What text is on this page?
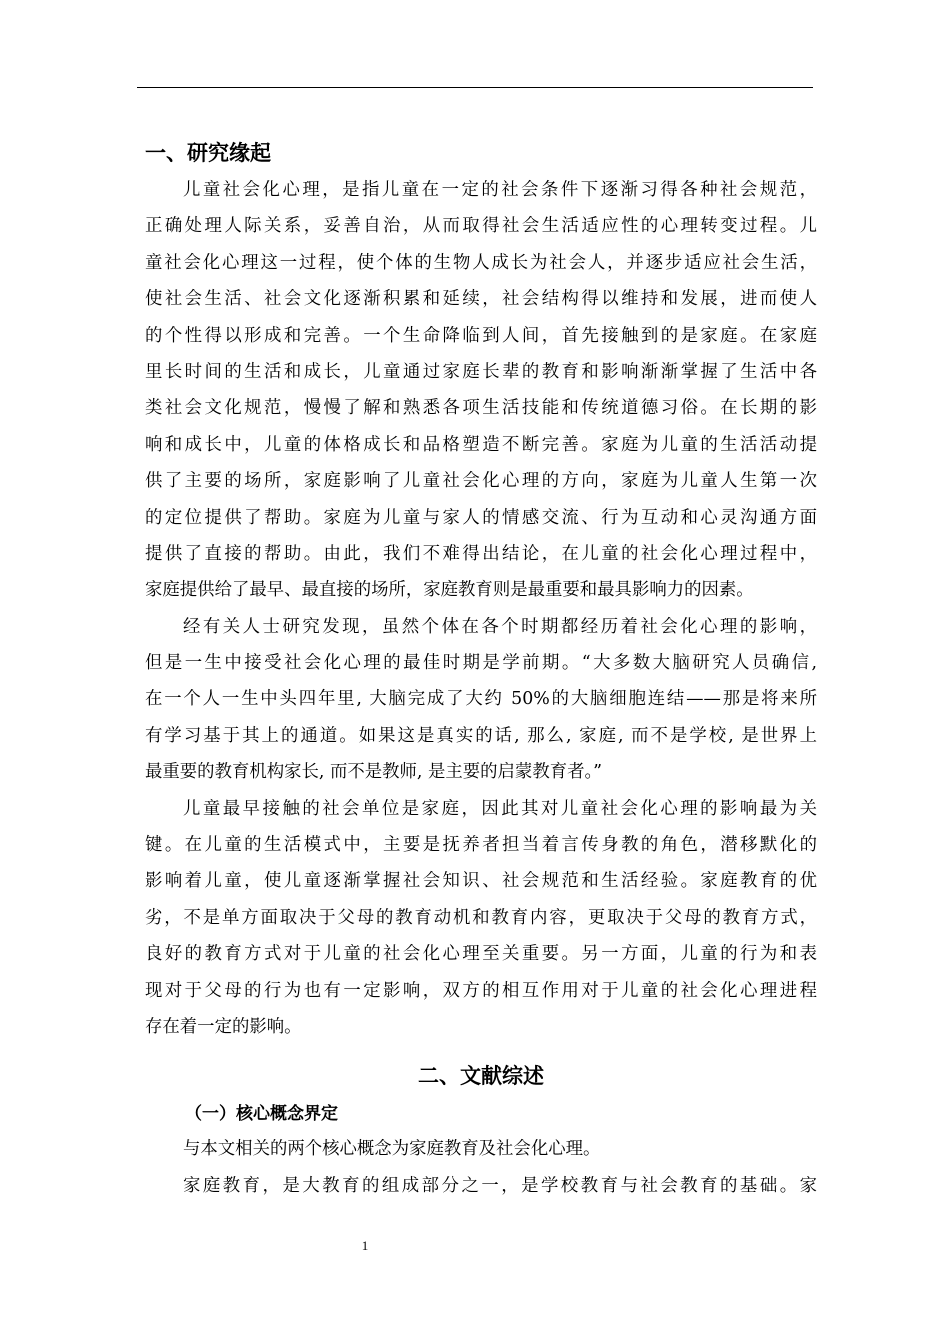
一、研究缘起
儿童社会化心理，是指儿童在一定的社会条件下逐渐习得各种社会规范，
正确处理人际关系，妥善自治，从而取得社会生活适应性的心理转变过程。儿
童社会化心理这一过程，使个体的生物人成长为社会人，并逐步适应社会生活，
使社会生活、社会文化逐渐积累和延续，社会结构得以维持和发展，进而使人
的个性得以形成和完善。一个生命降临到人间，首先接触到的是家庭。在家庭
里长时间的生活和成长，儿童通过家庭长辈的教育和影响渐渐掌握了生活中各
类社会文化规范，慢慢了解和熟悉各项生活技能和传统道德习俗。在长期的影
响和成长中，儿童的体格成长和品格塑造不断完善。家庭为儿童的生活活动提
供了主要的场所，家庭影响了儿童社会化心理的方向，家庭为儿童人生第一次
的定位提供了帮助。家庭为儿童与家人的情感交流、行为互动和心灵沟通方面
提供了直接的帮助。由此，我们不难得出结论，在儿童的社会化心理过程中，
家庭提供给了最早、最直接的场所，家庭教育则是最重要和最具影响力的因素。
经有关人士研究发现，虽然个体在各个时期都经历着社会化心理的影响，
但是一生中接受社会化心理的最佳时期是学前期。“大多数大脑研究人员确信,
在一个人一生中头四年里, 大脑完成了大约 50%的大脑细胞连结——那是将来所
有学习基于其上的通道。如果这是真实的话, 那么, 家庭, 而不是学校, 是世界上
最重要的教育机构家长, 而不是教师, 是主要的启蒙教育者。”
儿童最早接触的社会单位是家庭，因此其对儿童社会化心理的影响最为关
键。在儿童的生活模式中，主要是抚养者担当着言传身教的角色，潜移默化的
影响着儿童，使儿童逐渐掌握社会知识、社会规范和生活经验。家庭教育的优
劣，不是单方面取决于父母的教育动机和教育内容，更取决于父母的教育方式，
良好的教育方式对于儿童的社会化心理至关重要。另一方面，儿童的行为和表
现对于父母的行为也有一定影响，双方的相互作用对于儿童的社会化心理进程
存在着一定的影响。
二、文献综述
（一）核心概念界定
与本文相关的两个核心概念为家庭教育及社会化心理。
家庭教育，是大教育的组成部分之一，是学校教育与社会教育的基础。家
1
